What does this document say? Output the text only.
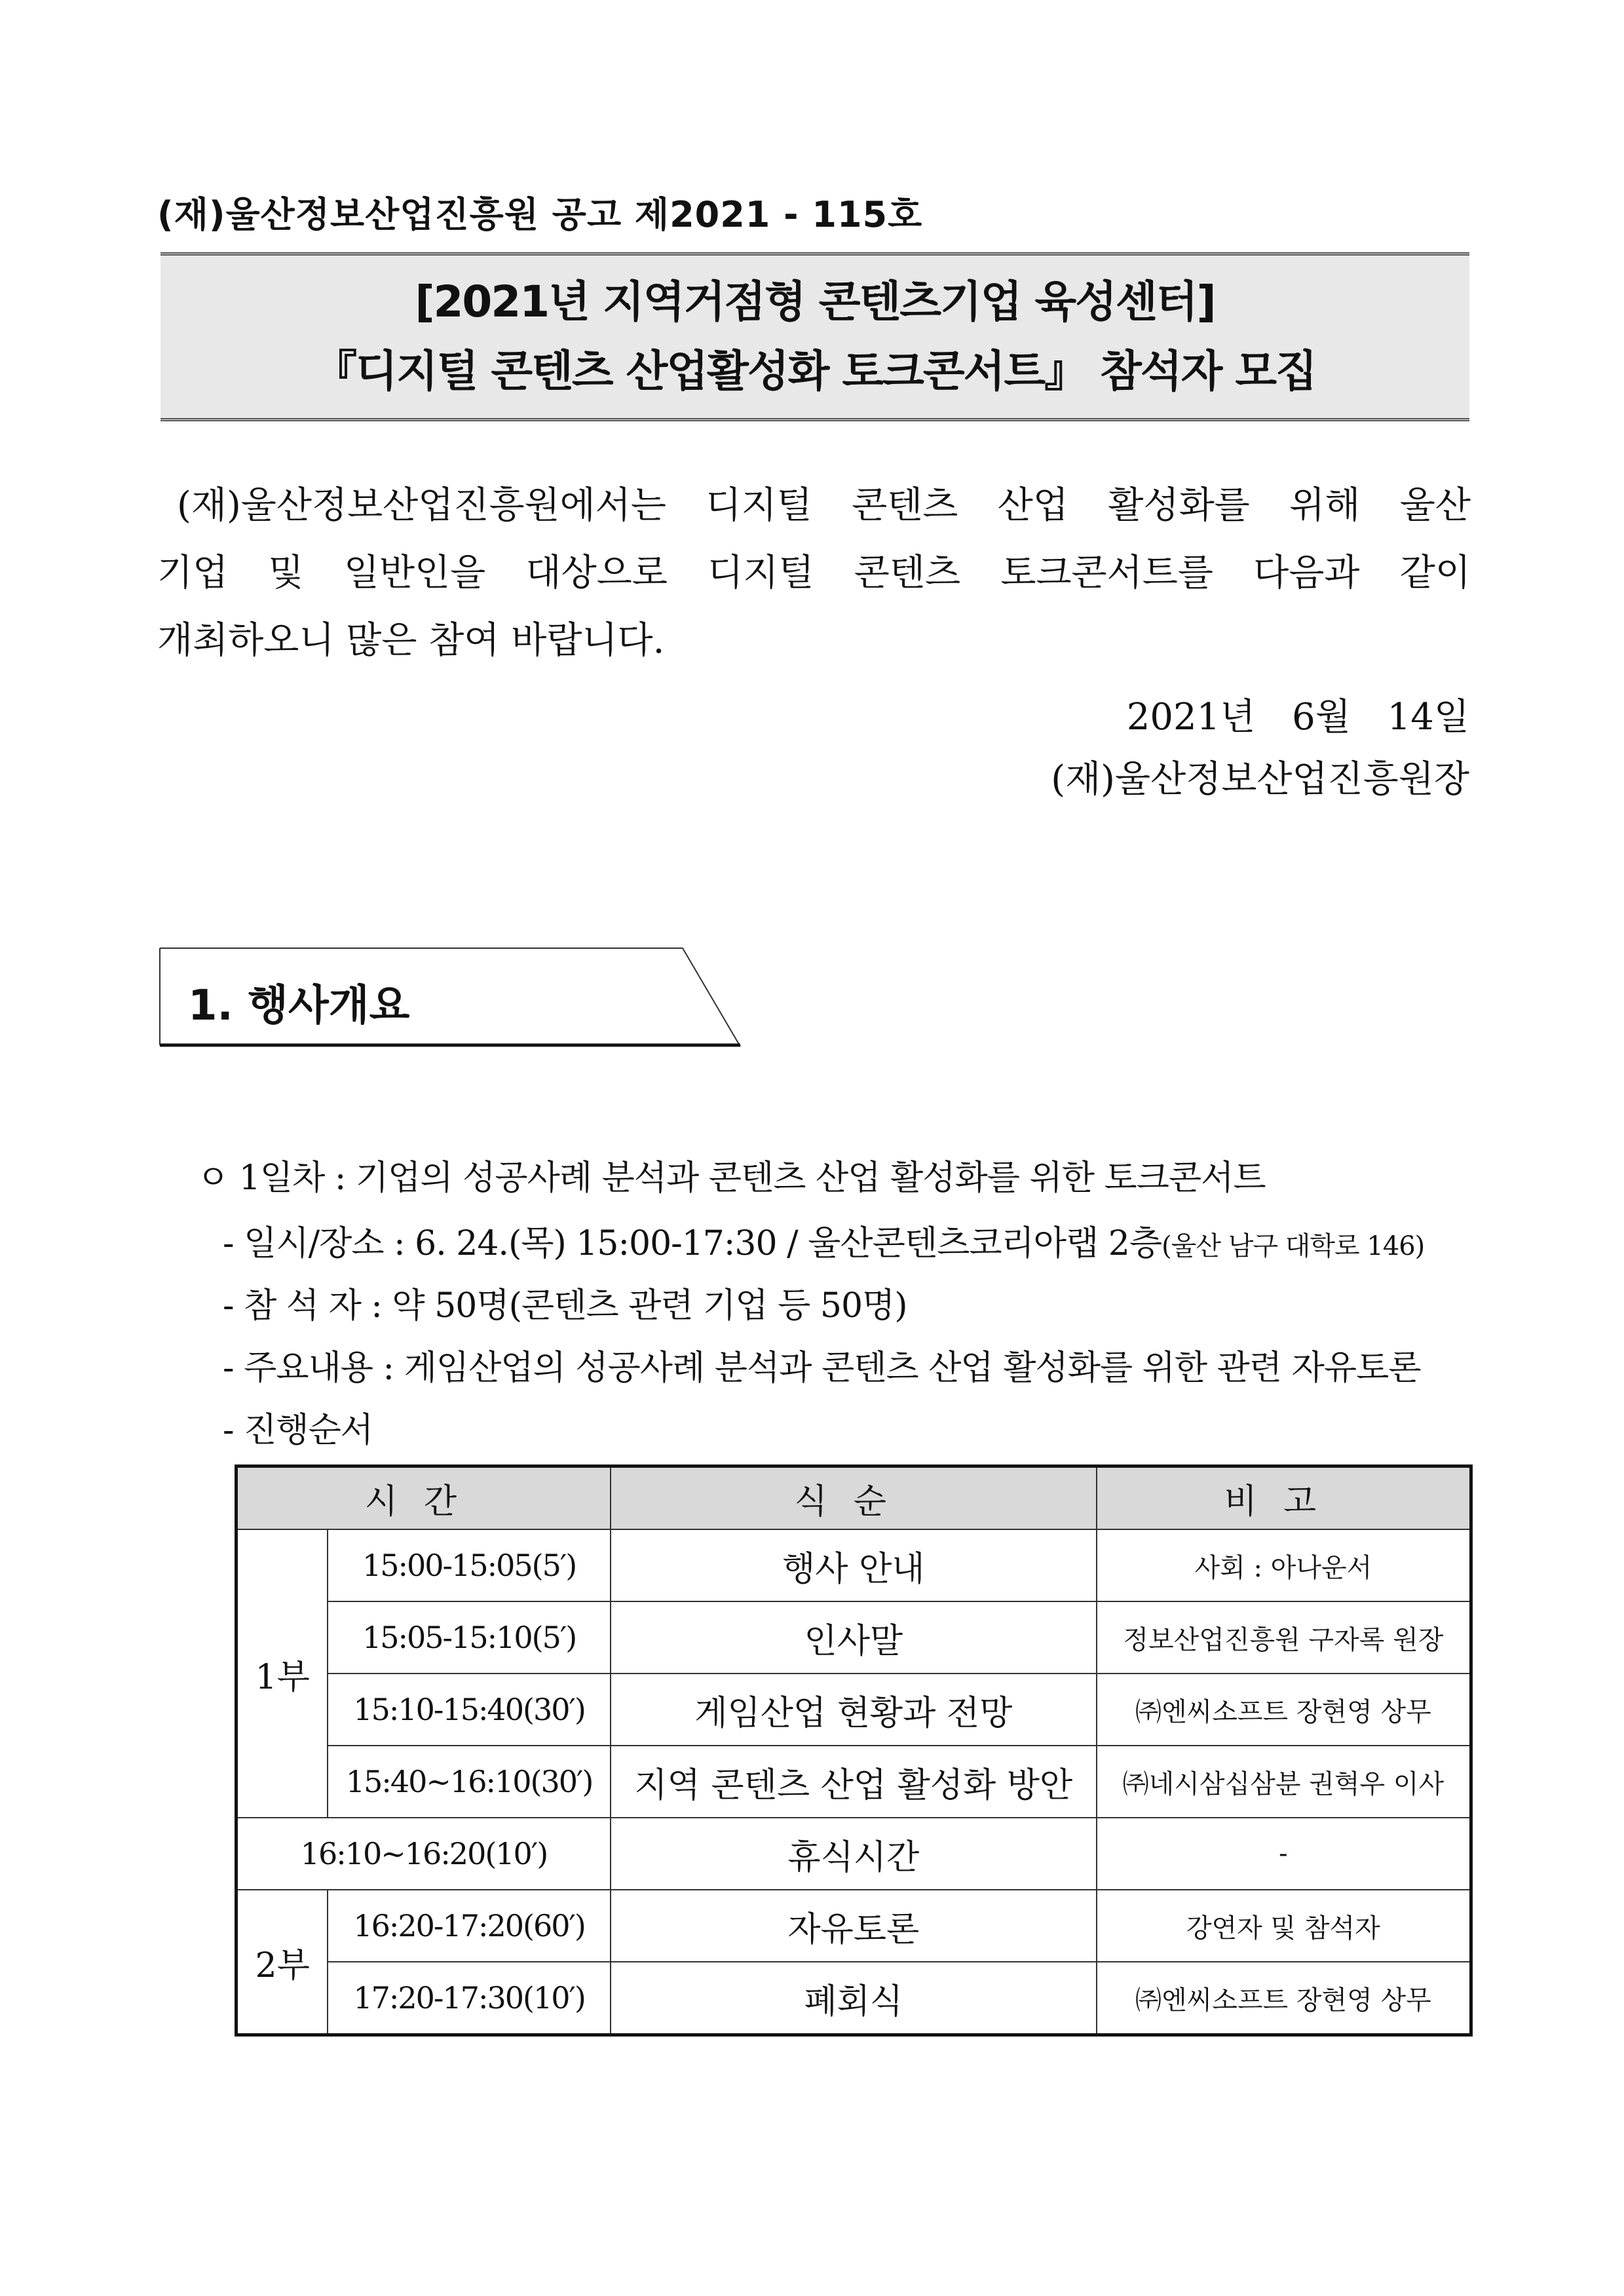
(재)울산정보산업진흥원 공고 제2021 - 115호
[2021년 지역거점형 콘텐츠기업 육성센터]
『디지털 콘텐츠 산업활성화 토크콘서트』 참석자 모집
(재)울산정보산업진흥원에서는 디지털 콘텐츠 산업 활성화를 위해 울산
기업 및 일반인을 대상으로 디지털 콘텐츠 토크콘서트를 다음과 같이
개최하오니 많은 참여 바랍니다.
2021년 6월 14일
(재)울산정보산업진흥원장
1. 행사개요
ㅇ 1일차 : 기업의 성공사례 분석과 콘텐츠 산업 활성화를 위한 토크콘서트
- 일시/장소 : 6. 24.(목) 15:00-17:30 / 울산콘텐츠코리아랩 2층(울산 남구 대학로 146)
- 참 석 자 : 약 50명(콘텐츠 관련 기업 등 50명)
- 주요내용 : 게임산업의 성공사례 분석과 콘텐츠 산업 활성화를 위한 관련 자유토론
- 진행순서
시간		식순	비고
1부	15:00-15:05(5′)	행사 안내	사회 : 아나운서
	15:05-15:10(5′)	인사말	정보산업진흥원 구자록 원장
	15:10-15:40(30′)	게임산업 현황과 전망	㈜엔씨소프트 장현영 상무
	15:40~16:10(30′)	지역 콘텐츠 산업 활성화 방안	㈜네시삼십삼분 권혁우 이사
16:10~16:20(10′)		휴식시간	-
2부	16:20-17:20(60′)	자유토론	강연자 및 참석자
	17:20-17:30(10′)	폐회식	㈜엔씨소프트 장현영 상무
